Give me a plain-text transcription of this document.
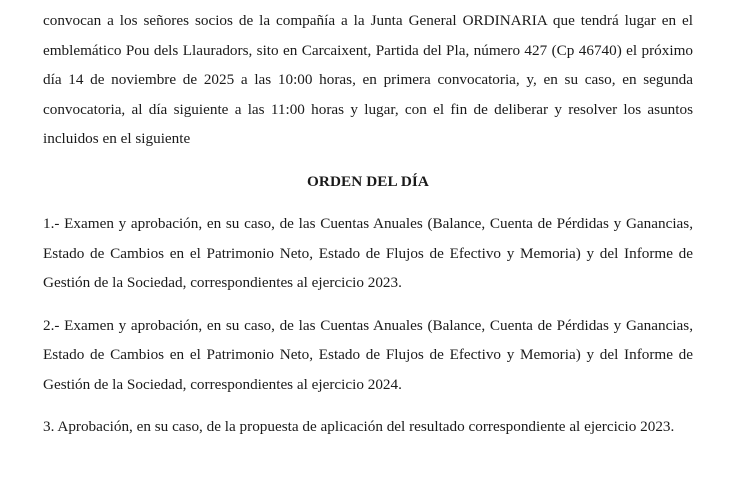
convocan a los señores socios de la compañía a la Junta General ORDINARIA que tendrá lugar en el emblemático Pou dels Llauradors, sito en Carcaixent, Partida del Pla, número 427 (Cp 46740) el próximo día 14 de noviembre de 2025 a las 10:00 horas, en primera convocatoria, y, en su caso, en segunda convocatoria, al día siguiente a las 11:00 horas y lugar, con el fin de deliberar y resolver los asuntos incluidos en el siguiente

ORDEN DEL DÍA

1.- Examen y aprobación, en su caso, de las Cuentas Anuales (Balance, Cuenta de Pérdidas y Ganancias, Estado de Cambios en el Patrimonio Neto, Estado de Flujos de Efectivo y Memoria) y del Informe de Gestión de la Sociedad, correspondientes al ejercicio 2023.

2.- Examen y aprobación, en su caso, de las Cuentas Anuales (Balance, Cuenta de Pérdidas y Ganancias, Estado de Cambios en el Patrimonio Neto, Estado de Flujos de Efectivo y Memoria) y del Informe de Gestión de la Sociedad, correspondientes al ejercicio 2024.

3. Aprobación, en su caso, de la propuesta de aplicación del resultado correspondiente al ejercicio 2023.
